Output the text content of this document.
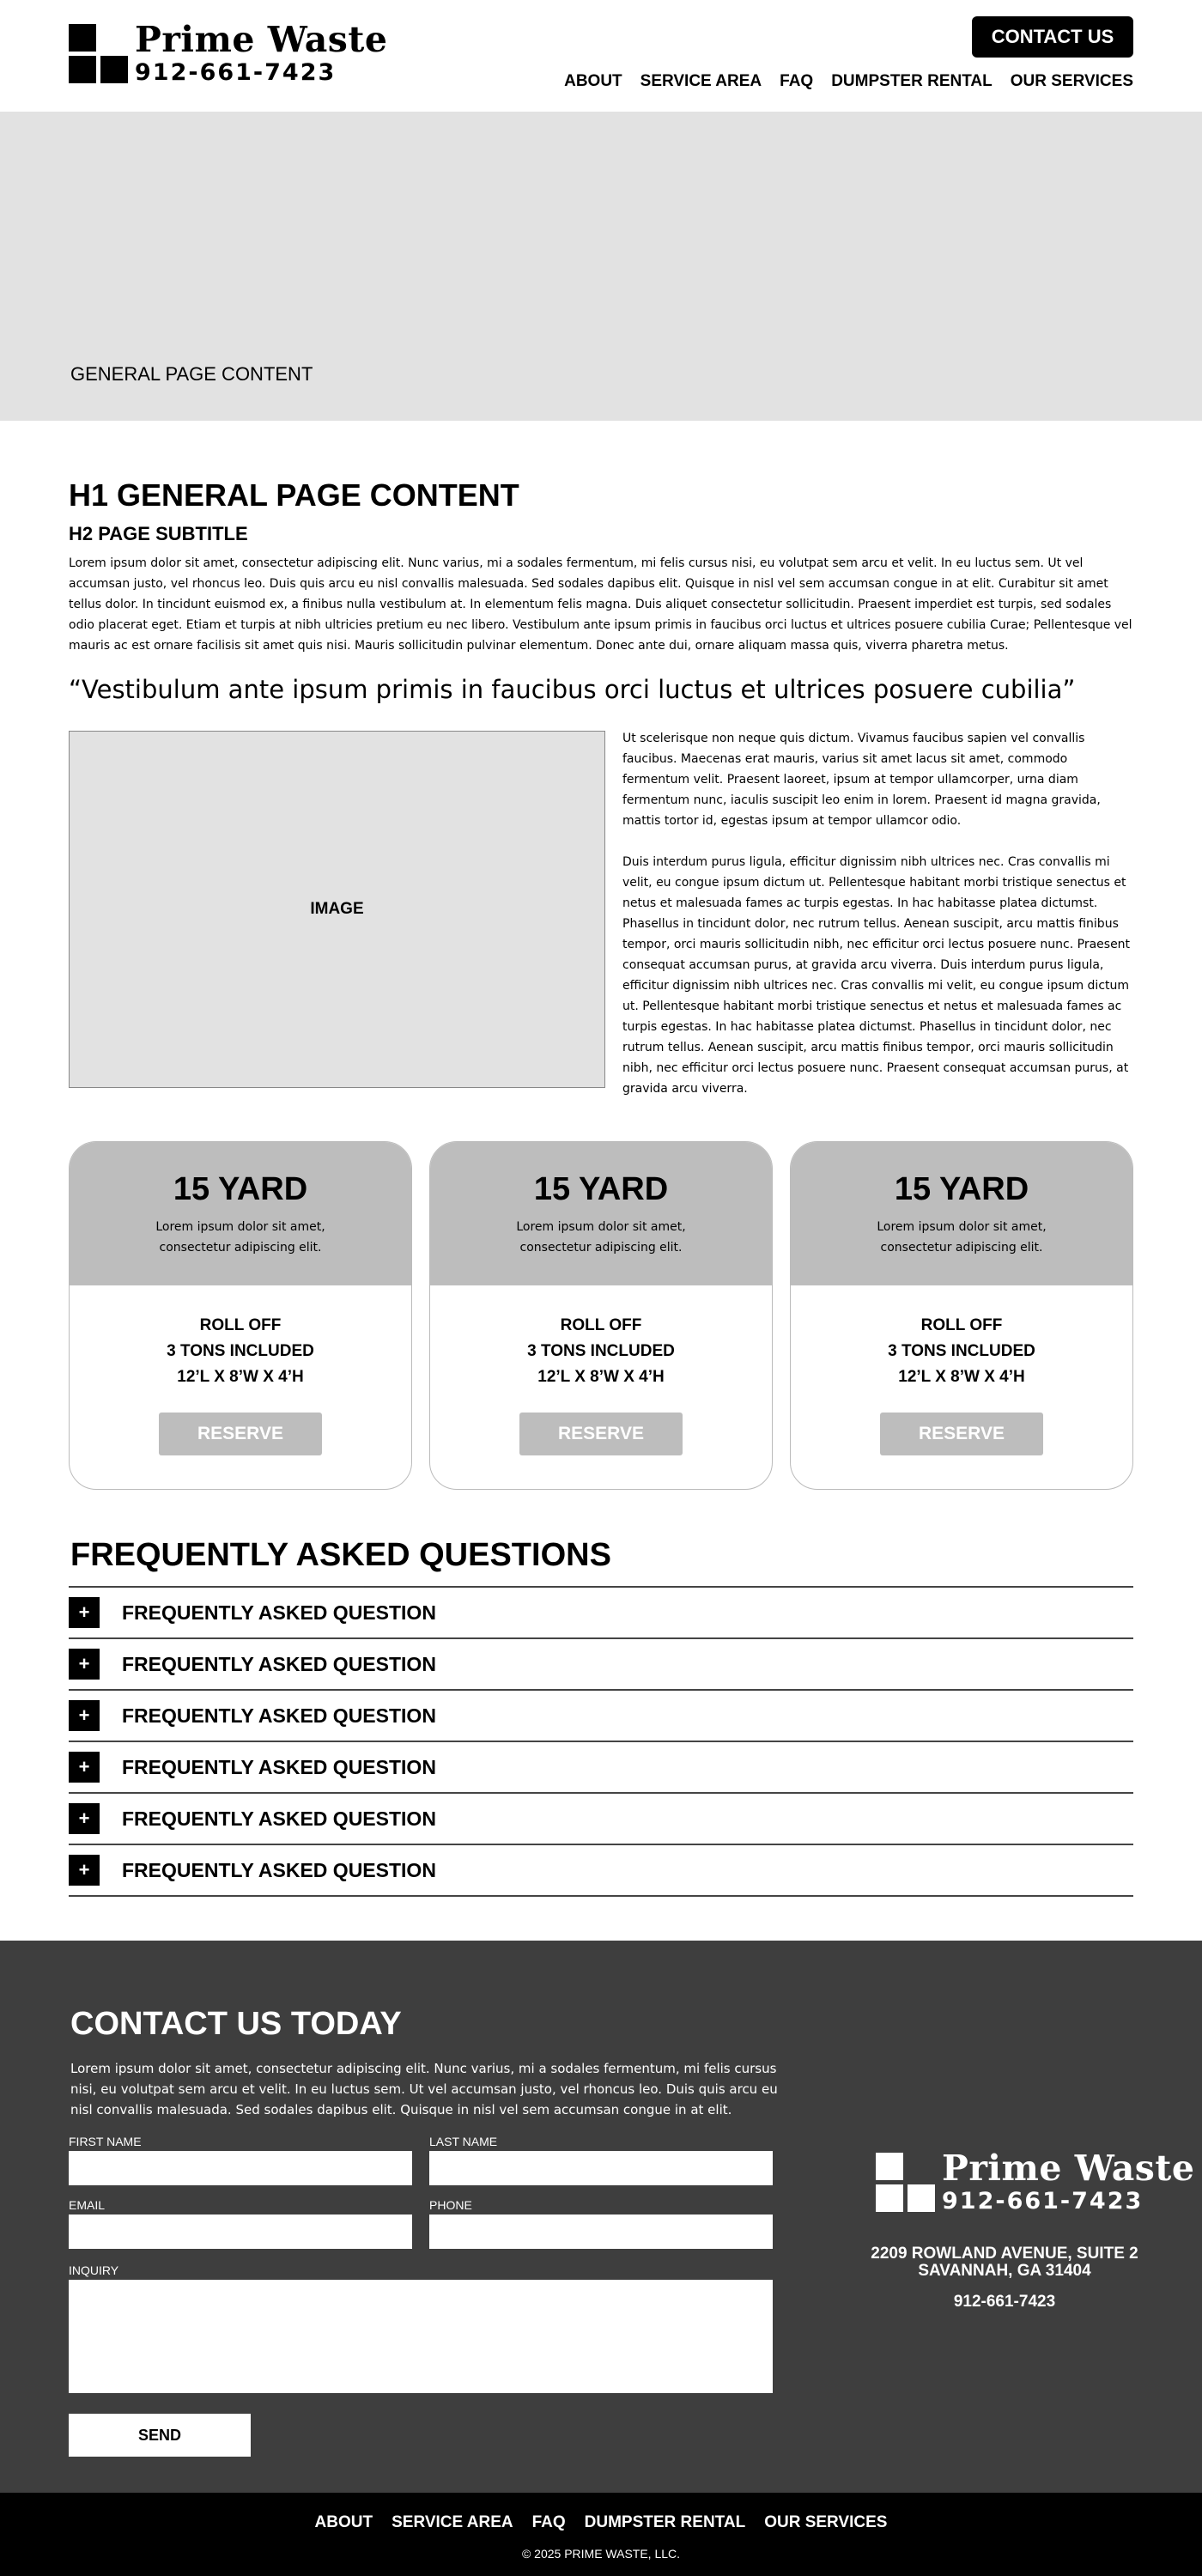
Prime Waste
912-661-7423
CONTACT US
ABOUT SERVICE AREA FAQ DUMPSTER RENTAL OUR SERVICES
GENERAL PAGE CONTENT
H1 GENERAL PAGE CONTENT
H2 PAGE SUBTITLE

Lorem ipsum dolor sit amet, consectetur adipiscing elit. Nunc varius, mi a sodales fermentum, mi felis cursus nisi, eu volutpat sem arcu et velit. In eu luctus sem. Ut vel accumsan justo, vel rhoncus leo. Duis quis arcu eu nisl convallis malesuada. Sed sodales dapibus elit. Quisque in nisl vel sem accumsan congue in at elit. Curabitur sit amet tellus dolor. In tincidunt euismod ex, a finibus nulla vestibulum at. In elementum felis magna. Duis aliquet consectetur sollicitudin. Praesent imperdiet est turpis, sed sodales odio placerat eget. Etiam et turpis at nibh ultricies pretium eu nec libero. Vestibulum ante ipsum primis in faucibus orci luctus et ultrices posuere cubilia Curae; Pellentesque vel mauris ac est ornare facilisis sit amet quis nisi. Mauris sollicitudin pulvinar elementum. Donec ante dui, ornare aliquam massa quis, viverra pharetra metus.

“Vestibulum ante ipsum primis in faucibus orci luctus et ultrices posuere cubilia”
IMAGE

Ut scelerisque non neque quis dictum. Vivamus faucibus sapien vel convallis faucibus. Maecenas erat mauris, varius sit amet lacus sit amet, commodo fermentum velit. Praesent laoreet, ipsum at tempor ullamcorper, urna diam fermentum nunc, iaculis suscipit leo enim in lorem. Praesent id magna gravida, mattis tortor id, egestas ipsum at tempor ullamcor odio.

Duis interdum purus ligula, efficitur dignissim nibh ultrices nec. Cras convallis mi velit, eu congue ipsum dictum ut. Pellentesque habitant morbi tristique senectus et netus et malesuada fames ac turpis egestas. In hac habitasse platea dictumst. Phasellus in tincidunt dolor, nec rutrum tellus. Aenean suscipit, arcu mattis finibus tempor, orci mauris sollicitudin nibh, nec efficitur orci lectus posuere nunc. Praesent consequat accumsan purus, at gravida arcu viverra. Duis interdum purus ligula, efficitur dignissim nibh ultrices nec. Cras convallis mi velit, eu congue ipsum dictum ut. Pellentesque habitant morbi tristique senectus et netus et malesuada fames ac turpis egestas. In hac habitasse platea dictumst. Phasellus in tincidunt dolor, nec rutrum tellus. Aenean suscipit, arcu mattis finibus tempor, orci mauris sollicitudin nibh, nec efficitur orci lectus posuere nunc. Praesent consequat accumsan purus, at gravida arcu viverra.

15 YARD
Lorem ipsum dolor sit amet, consectetur adipiscing elit.
ROLL OFF
3 TONS INCLUDED
12’L X 8’W X 4’H
RESERVE
15 YARD
Lorem ipsum dolor sit amet, consectetur adipiscing elit.
ROLL OFF
3 TONS INCLUDED
12’L X 8’W X 4’H
RESERVE
15 YARD
Lorem ipsum dolor sit amet, consectetur adipiscing elit.
ROLL OFF
3 TONS INCLUDED
12’L X 8’W X 4’H
RESERVE
FREQUENTLY ASKED QUESTIONS
+	FREQUENTLY ASKED QUESTION
+	FREQUENTLY ASKED QUESTION
+	FREQUENTLY ASKED QUESTION
+	FREQUENTLY ASKED QUESTION
+	FREQUENTLY ASKED QUESTION
+	FREQUENTLY ASKED QUESTION
CONTACT US TODAY

Lorem ipsum dolor sit amet, consectetur adipiscing elit. Nunc varius, mi a sodales fermentum, mi felis cursus nisi, eu volutpat sem arcu et velit. In eu luctus sem. Ut vel accumsan justo, vel rhoncus leo. Duis quis arcu eu nisl convallis malesuada. Sed sodales dapibus elit. Quisque in nisl vel sem accumsan congue in at elit.

FIRST NAME	LAST NAME
EMAIL	PHONE
INQUIRY
SEND
Prime Waste
912-661-7423
2209 ROWLAND AVENUE, SUITE 2
SAVANNAH, GA 31404
912-661-7423
ABOUT SERVICE AREA FAQ DUMPSTER RENTAL OUR SERVICES
© 2025 PRIME WASTE, LLC.
